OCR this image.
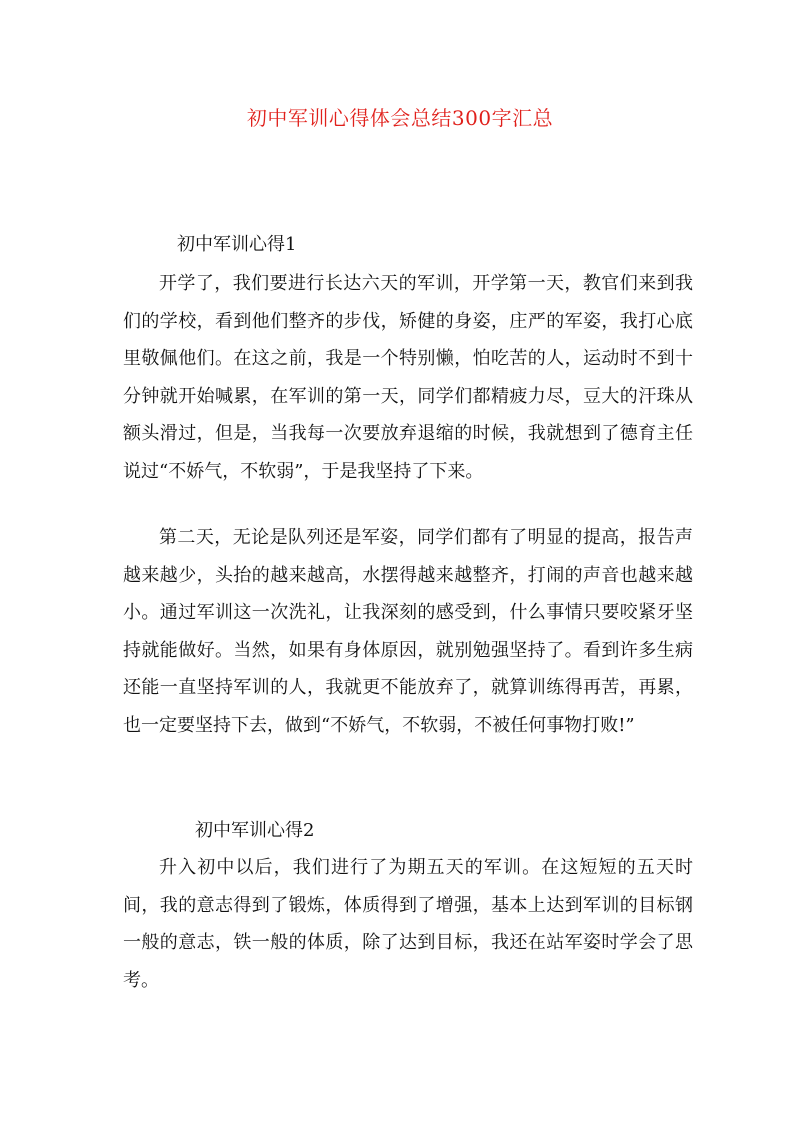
初中军训心得体会总结300字汇总
初中军训心得1
开学了，我们要进行长达六天的军训，开学第一天，教官们来到我们的学校，看到他们整齐的步伐，矫健的身姿，庄严的军姿，我打心底里敬佩他们。在这之前，我是一个特别懒，怕吃苦的人，运动时不到十分钟就开始喊累，在军训的第一天，同学们都精疲力尽，豆大的汗珠从额头滑过，但是，当我每一次要放弃退缩的时候，我就想到了德育主任说过“不娇气，不软弱”，于是我坚持了下来。
第二天，无论是队列还是军姿，同学们都有了明显的提高，报告声越来越少，头抬的越来越高，水摆得越来越整齐，打闹的声音也越来越小。通过军训这一次洗礼，让我深刻的感受到，什么事情只要咬紧牙坚持就能做好。当然，如果有身体原因，就别勉强坚持了。看到许多生病还能一直坚持军训的人，我就更不能放弃了，就算训练得再苦，再累，也一定要坚持下去，做到“不娇气，不软弱，不被任何事物打败!”
初中军训心得2
升入初中以后，我们进行了为期五天的军训。在这短短的五天时间，我的意志得到了锻炼，体质得到了增强，基本上达到军训的目标钢一般的意志，铁一般的体质，除了达到目标，我还在站军姿时学会了思考。
